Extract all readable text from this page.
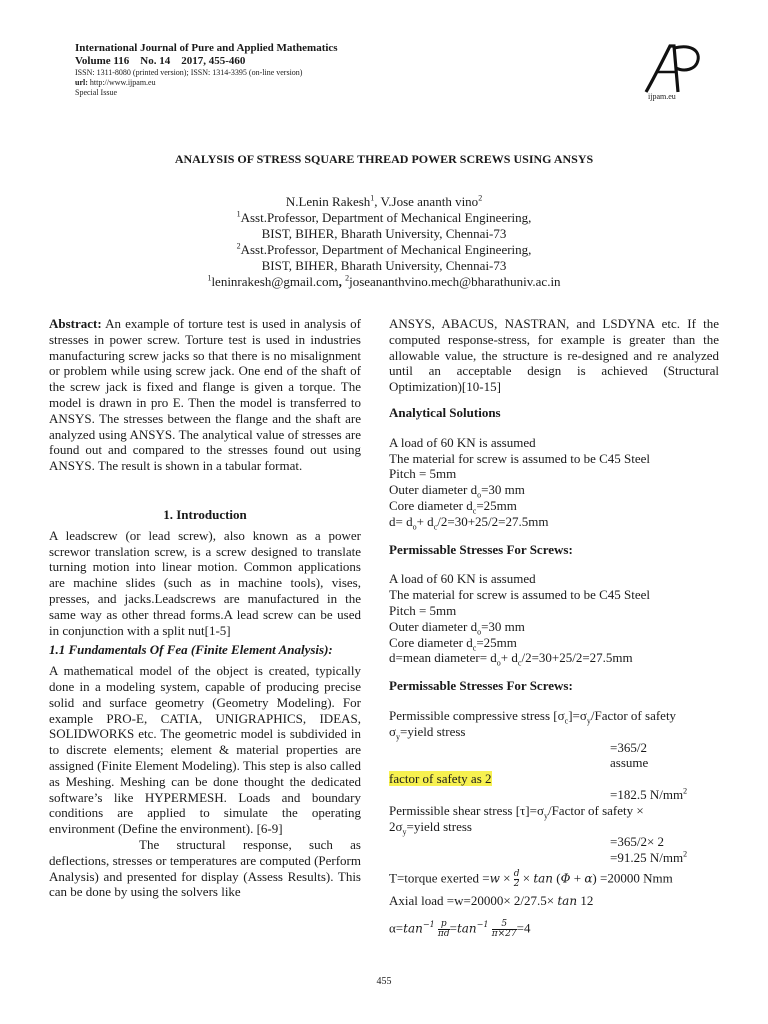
International Journal of Pure and Applied Mathematics
Volume 116    No. 14    2017, 455-460
ISSN: 1311-8080 (printed version); ISSN: 1314-3395 (on-line version)
url: http://www.ijpam.eu
Special Issue	ijpam.eu
ANALYSIS OF STRESS SQUARE THREAD POWER SCREWS USING ANSYS
N.Lenin Rakesh$^1$, V.Jose ananth vino$^2$
$^1$Asst.Professor, Department of Mechanical Engineering,
BIST, BIHER, Bharath University, Chennai-73
$^2$Asst.Professor, Department of Mechanical Engineering,
BIST, BIHER, Bharath University, Chennai-73
$^1$leninrakesh@gmail.com, $^2$joseananthvino.mech@bharathuniv.ac.in

Abstract: An example of torture test is used in analysis of stresses in power screw. Torture test is used in industries manufacturing screw jacks so that there is no misalignment or problem while using screw jack. One end of the shaft of the screw jack is fixed and flange is given a torque. The model is drawn in pro E. Then the model is transferred to ANSYS. The stresses between the flange and the shaft are analyzed using ANSYS. The analytical value of stresses are found out and compared to the stresses found out using ANSYS. The result is shown in a tabular format.

1. Introduction

A leadscrew (or lead screw), also known as a power screwor translation screw, is a screw designed to translate turning motion into linear motion. Common applications are machine slides (such as in machine tools), vises, presses, and jacks.Leadscrews are manufactured in the same way as other thread forms.A lead screw can be used in conjunction with a split nut[1-5]

1.1 Fundamentals Of Fea (Finite Element Analysis):

A mathematical model of the object is created, typically done in a modeling system, capable of producing precise solid and surface geometry (Geometry Modeling). For example PRO-E, CATIA, UNIGRAPHICS, IDEAS, SOLIDWORKS etc. The geometric model is subdivided in to discrete elements; element & material properties are assigned (Finite Element Modeling). This step is also called as Meshing. Meshing can be done thought the dedicated software’s like HYPERMESH. Loads and boundary conditions are applied to simulate the operating environment (Define the environment). [6-9]

The structural response, such as deflections, stresses or temperatures are computed (Perform Analysis) and presented for display (Assess Results). This can be done by using the solvers like

ANSYS, ABACUS, NASTRAN, and LSDYNA etc. If the computed response-stress, for example is greater than the allowable value, the structure is re-designed and re analyzed until an acceptable design is achieved (Structural Optimization)[10-15]

Analytical Solutions

A load of 60 KN is assumed

The material for screw is assumed to be C45 Steel

Pitch = 5mm

Outer diameter $d_o=30$ mm

Core diameter $d_c=25mm$

$d= d_o+ d_c/2=30+25/2=27.5mm$

Permissable Stresses For Screws:

A load of 60 KN is assumed

The material for screw is assumed to be C45 Steel

Pitch = 5mm

Outer diameter $d_o=30$ mm

Core diameter $d_c=25mm$

d=mean diameter= $d_o+ d_c/2=30+25/2=27.5mm$

Permissable Stresses For Screws:

Permissible compressive stress $[\sigma_c]=\sigma_y$/Factor of safety

$\sigma_y=yield$ stress

=365/2assume

factor of safety as 2

=182.5 $N/mm^2$

Permissible shear stress $[\tau]=\sigma_y$/Factor of safety ×

$2\sigma_y=yield$ stress

=365/2× 2

=91.25 $N/mm^2$

T=torque exerted $=w \times \frac{d}{2} \times \tan (\Phi + \alpha) =20000$ Nmm

Axial load =w=20000× 2/27.5× tan 12

$\alpha=\tan^{-1} \frac{p}{\pi d} =\tan^{-1} \frac{5}{\pi\times 27} =4$

455
